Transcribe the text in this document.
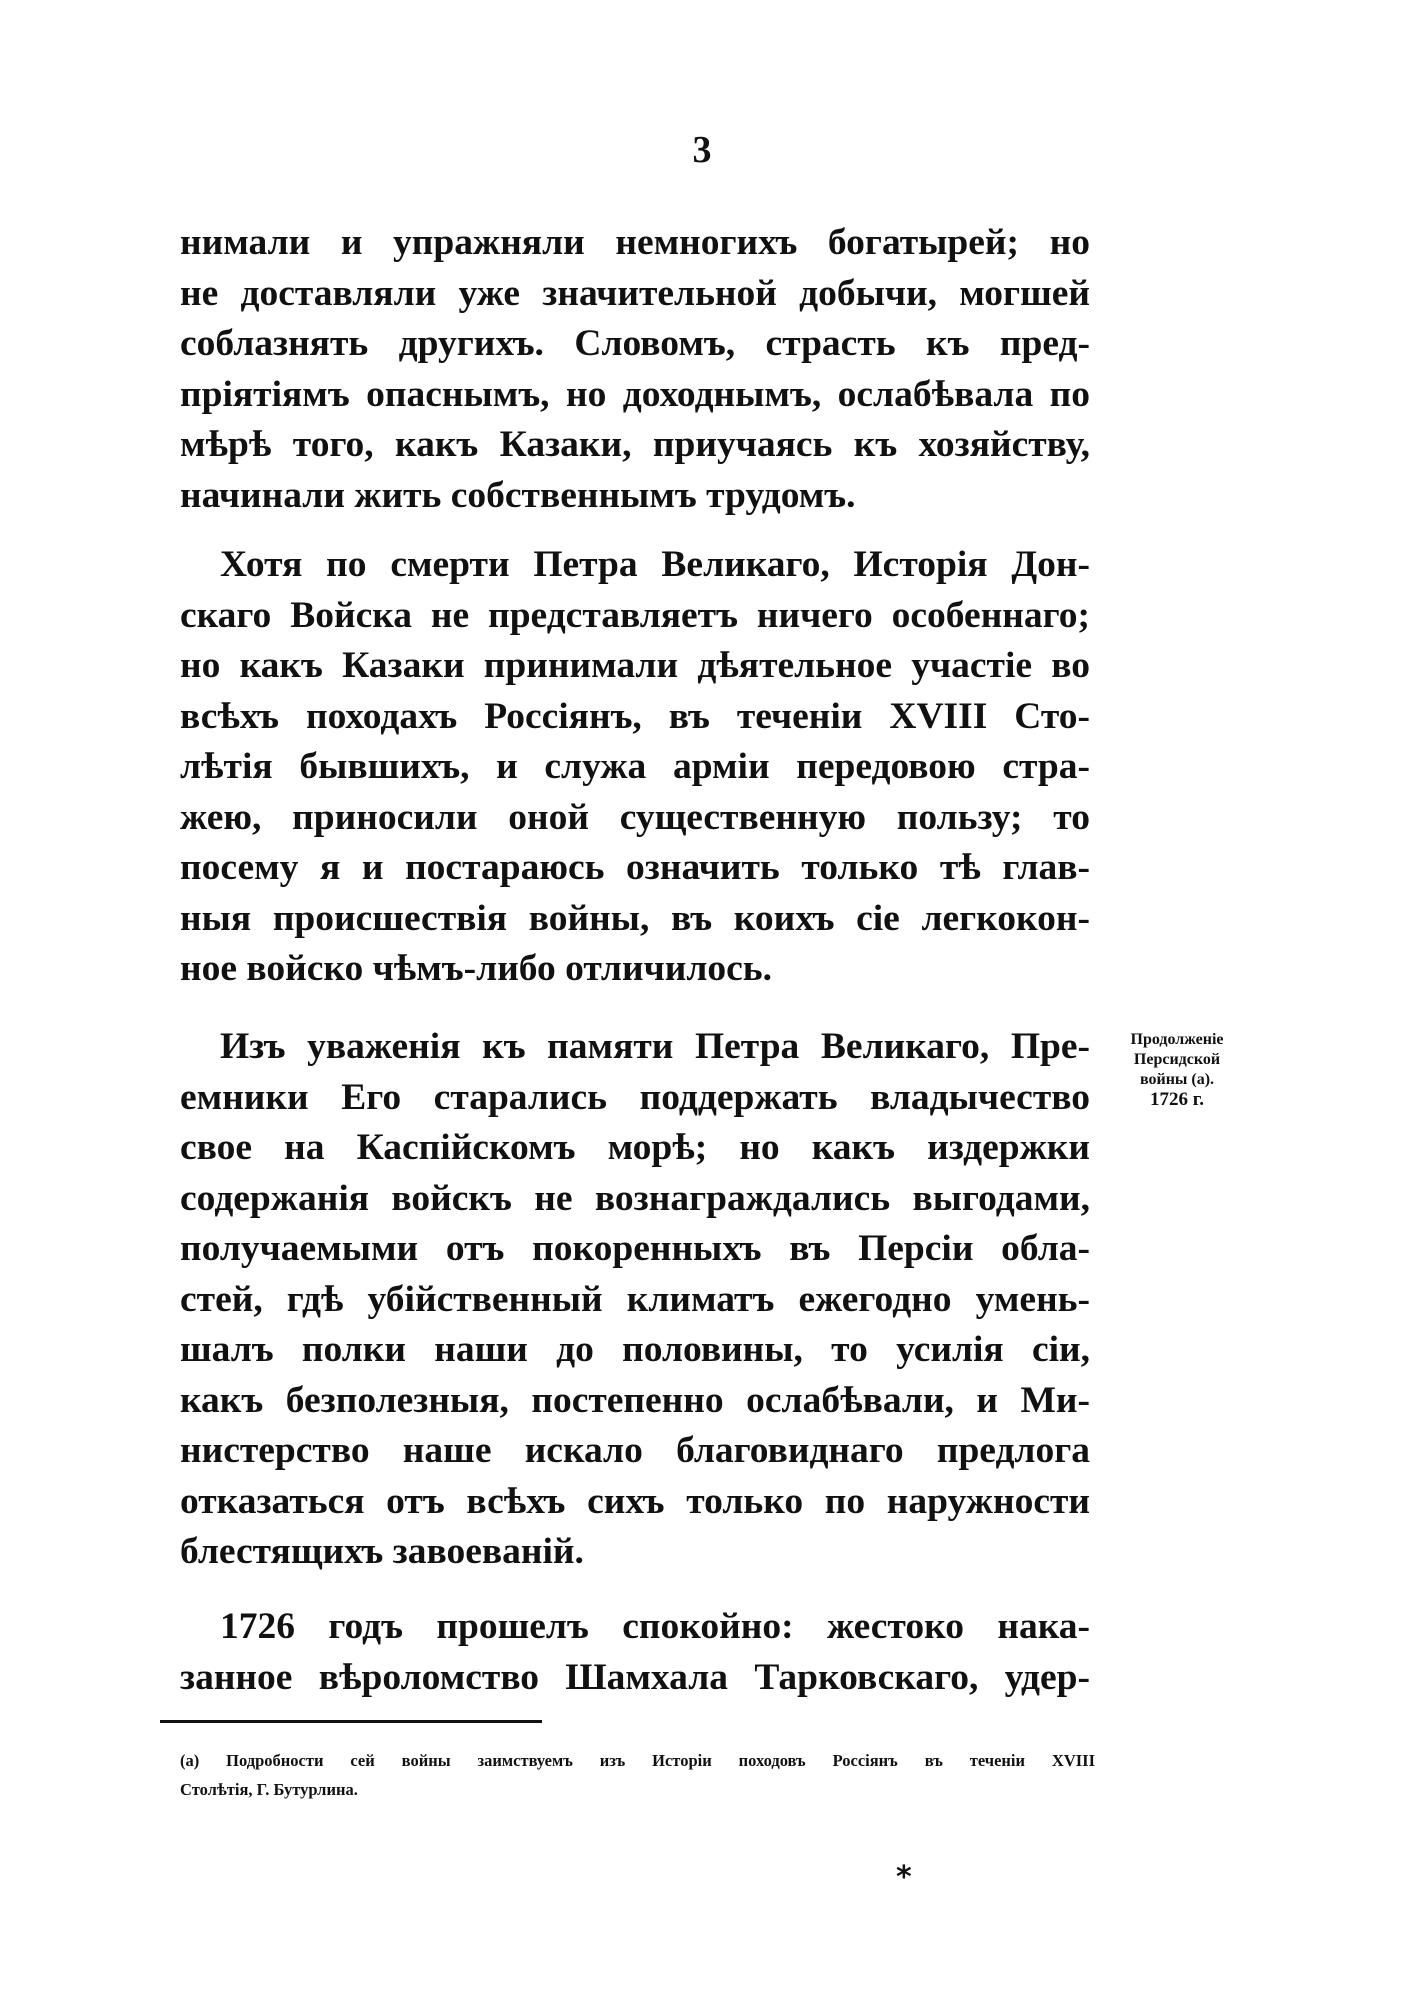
3
нимали и упражняли немногихъ богатырей; но
не доставляли уже значительной добычи, могшей
соблазнять другихъ. Словомъ, страсть къ пред-
пріятіямъ опаснымъ, но доходнымъ, ослабѣвала по
мѣрѣ того, какъ Казаки, приучаясь къ хозяйству,
начинали жить собственнымъ трудомъ.
Хотя по смерти Петра Великаго, Исторія Дон-
скаго Войска не представляетъ ничего особеннаго;
но какъ Казаки принимали дѣятельное участіе во
всѣхъ походахъ Россіянъ, въ теченіи XVIII Сто-
лѣтія бывшихъ, и служа арміи передовою стра-
жею, приносили оной существенную пользу; то
посему я и постараюсь означить только тѣ глав-
ныя происшествія войны, въ коихъ сіе легкокон-
ное войско чѣмъ-либо отличилось.
Изъ уваженія къ памяти Петра Великаго, Пре-
емники Его старались поддержать владычество
свое на Каспійскомъ морѣ; но какъ издержки
содержанія войскъ не вознаграждались выгодами,
получаемыми отъ покоренныхъ въ Персіи обла-
стей, гдѣ убійственный климатъ ежегодно умень-
шалъ полки наши до половины, то усилія сіи,
какъ безполезныя, постепенно ослабѣвали, и Ми-
нистерство наше искало благовиднаго предлога
отказаться отъ всѣхъ сихъ только по наружности
блестящихъ завоеваній.
1726 годъ прошелъ спокойно: жестоко нака-
занное вѣроломство Шамхала Тарковскаго, удер-
Продолженіе
Персидской
войны (а).
1726 г.
(а) Подробности сей войны заимствуемъ изъ Исторіи походовъ Россіянъ въ теченіи XVIII
Столѣтія, Г. Бутурлина.
*
